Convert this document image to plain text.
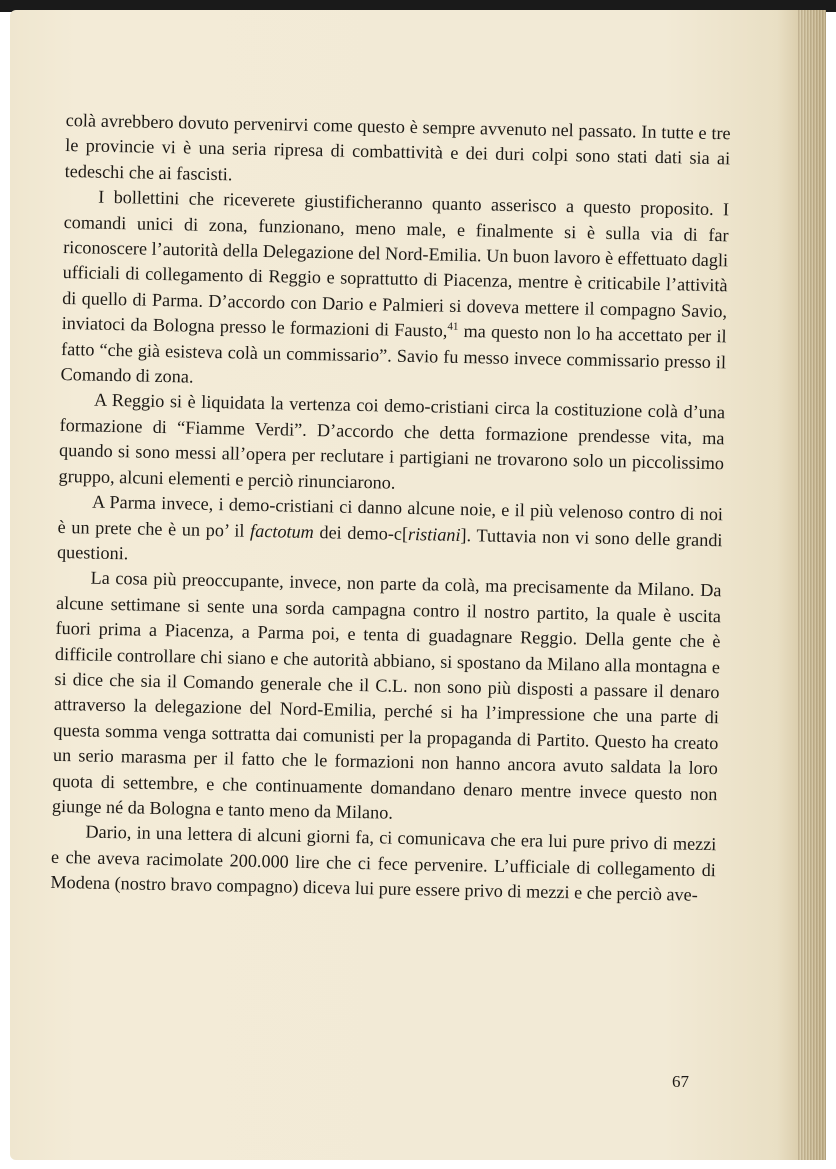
colà avrebbero dovuto pervenirvi come questo è sempre avvenuto nel passato. In tutte e tre le provincie vi è una seria ripresa di combattività e dei duri colpi sono stati dati sia ai tedeschi che ai fascisti.

I bollettini che riceverete giustificheranno quanto asserisco a questo proposito. I comandi unici di zona, funzionano, meno male, e finalmente si è sulla via di far riconoscere l’autorità della Delegazione del Nord-Emilia. Un buon lavoro è effettuato dagli ufficiali di collegamento di Reggio e soprattutto di Piacenza, mentre è criticabile l’attività di quello di Parma. D’accordo con Dario e Palmieri si doveva mettere il compagno Savio, inviatoci da Bologna presso le formazioni di Fausto,$^{41}$ ma questo non lo ha accettato per il fatto “che già esisteva colà un commissario”. Savio fu messo invece commissario presso il Comando di zona.

A Reggio si è liquidata la vertenza coi demo-cristiani circa la costituzione colà d’una formazione di “Fiamme Verdi”. D’accordo che detta formazione prendesse vita, ma quando si sono messi all’opera per reclutare i partigiani ne trovarono solo un piccolissimo gruppo, alcuni elementi e perciò rinunciarono.

A Parma invece, i demo-cristiani ci danno alcune noie, e il più velenoso contro di noi è un prete che è un po’ il factotum dei demo-c[ristiani]. Tuttavia non vi sono delle grandi questioni.

La cosa più preoccupante, invece, non parte da colà, ma precisamente da Milano. Da alcune settimane si sente una sorda campagna contro il nostro partito, la quale è uscita fuori prima a Piacenza, a Parma poi, e tenta di guadagnare Reggio. Della gente che è difficile controllare chi siano e che autorità abbiano, si spostano da Milano alla montagna e si dice che sia il Comando generale che il C.L. non sono più disposti a passare il denaro attraverso la delegazione del Nord-Emilia, perché si ha l’impressione che una parte di questa somma venga sottratta dai comunisti per la propaganda di Partito. Questo ha creato un serio marasma per il fatto che le formazioni non hanno ancora avuto saldata la loro quota di settembre, e che continuamente domandano denaro mentre invece questo non giunge né da Bologna e tanto meno da Milano.

Dario, in una lettera di alcuni giorni fa, ci comunicava che era lui pure privo di mezzi e che aveva racimolate 200.000 lire che ci fece pervenire. L’ufficiale di collegamento di Modena (nostro bravo compagno) diceva lui pure essere privo di mezzi e che perciò ave-

67
